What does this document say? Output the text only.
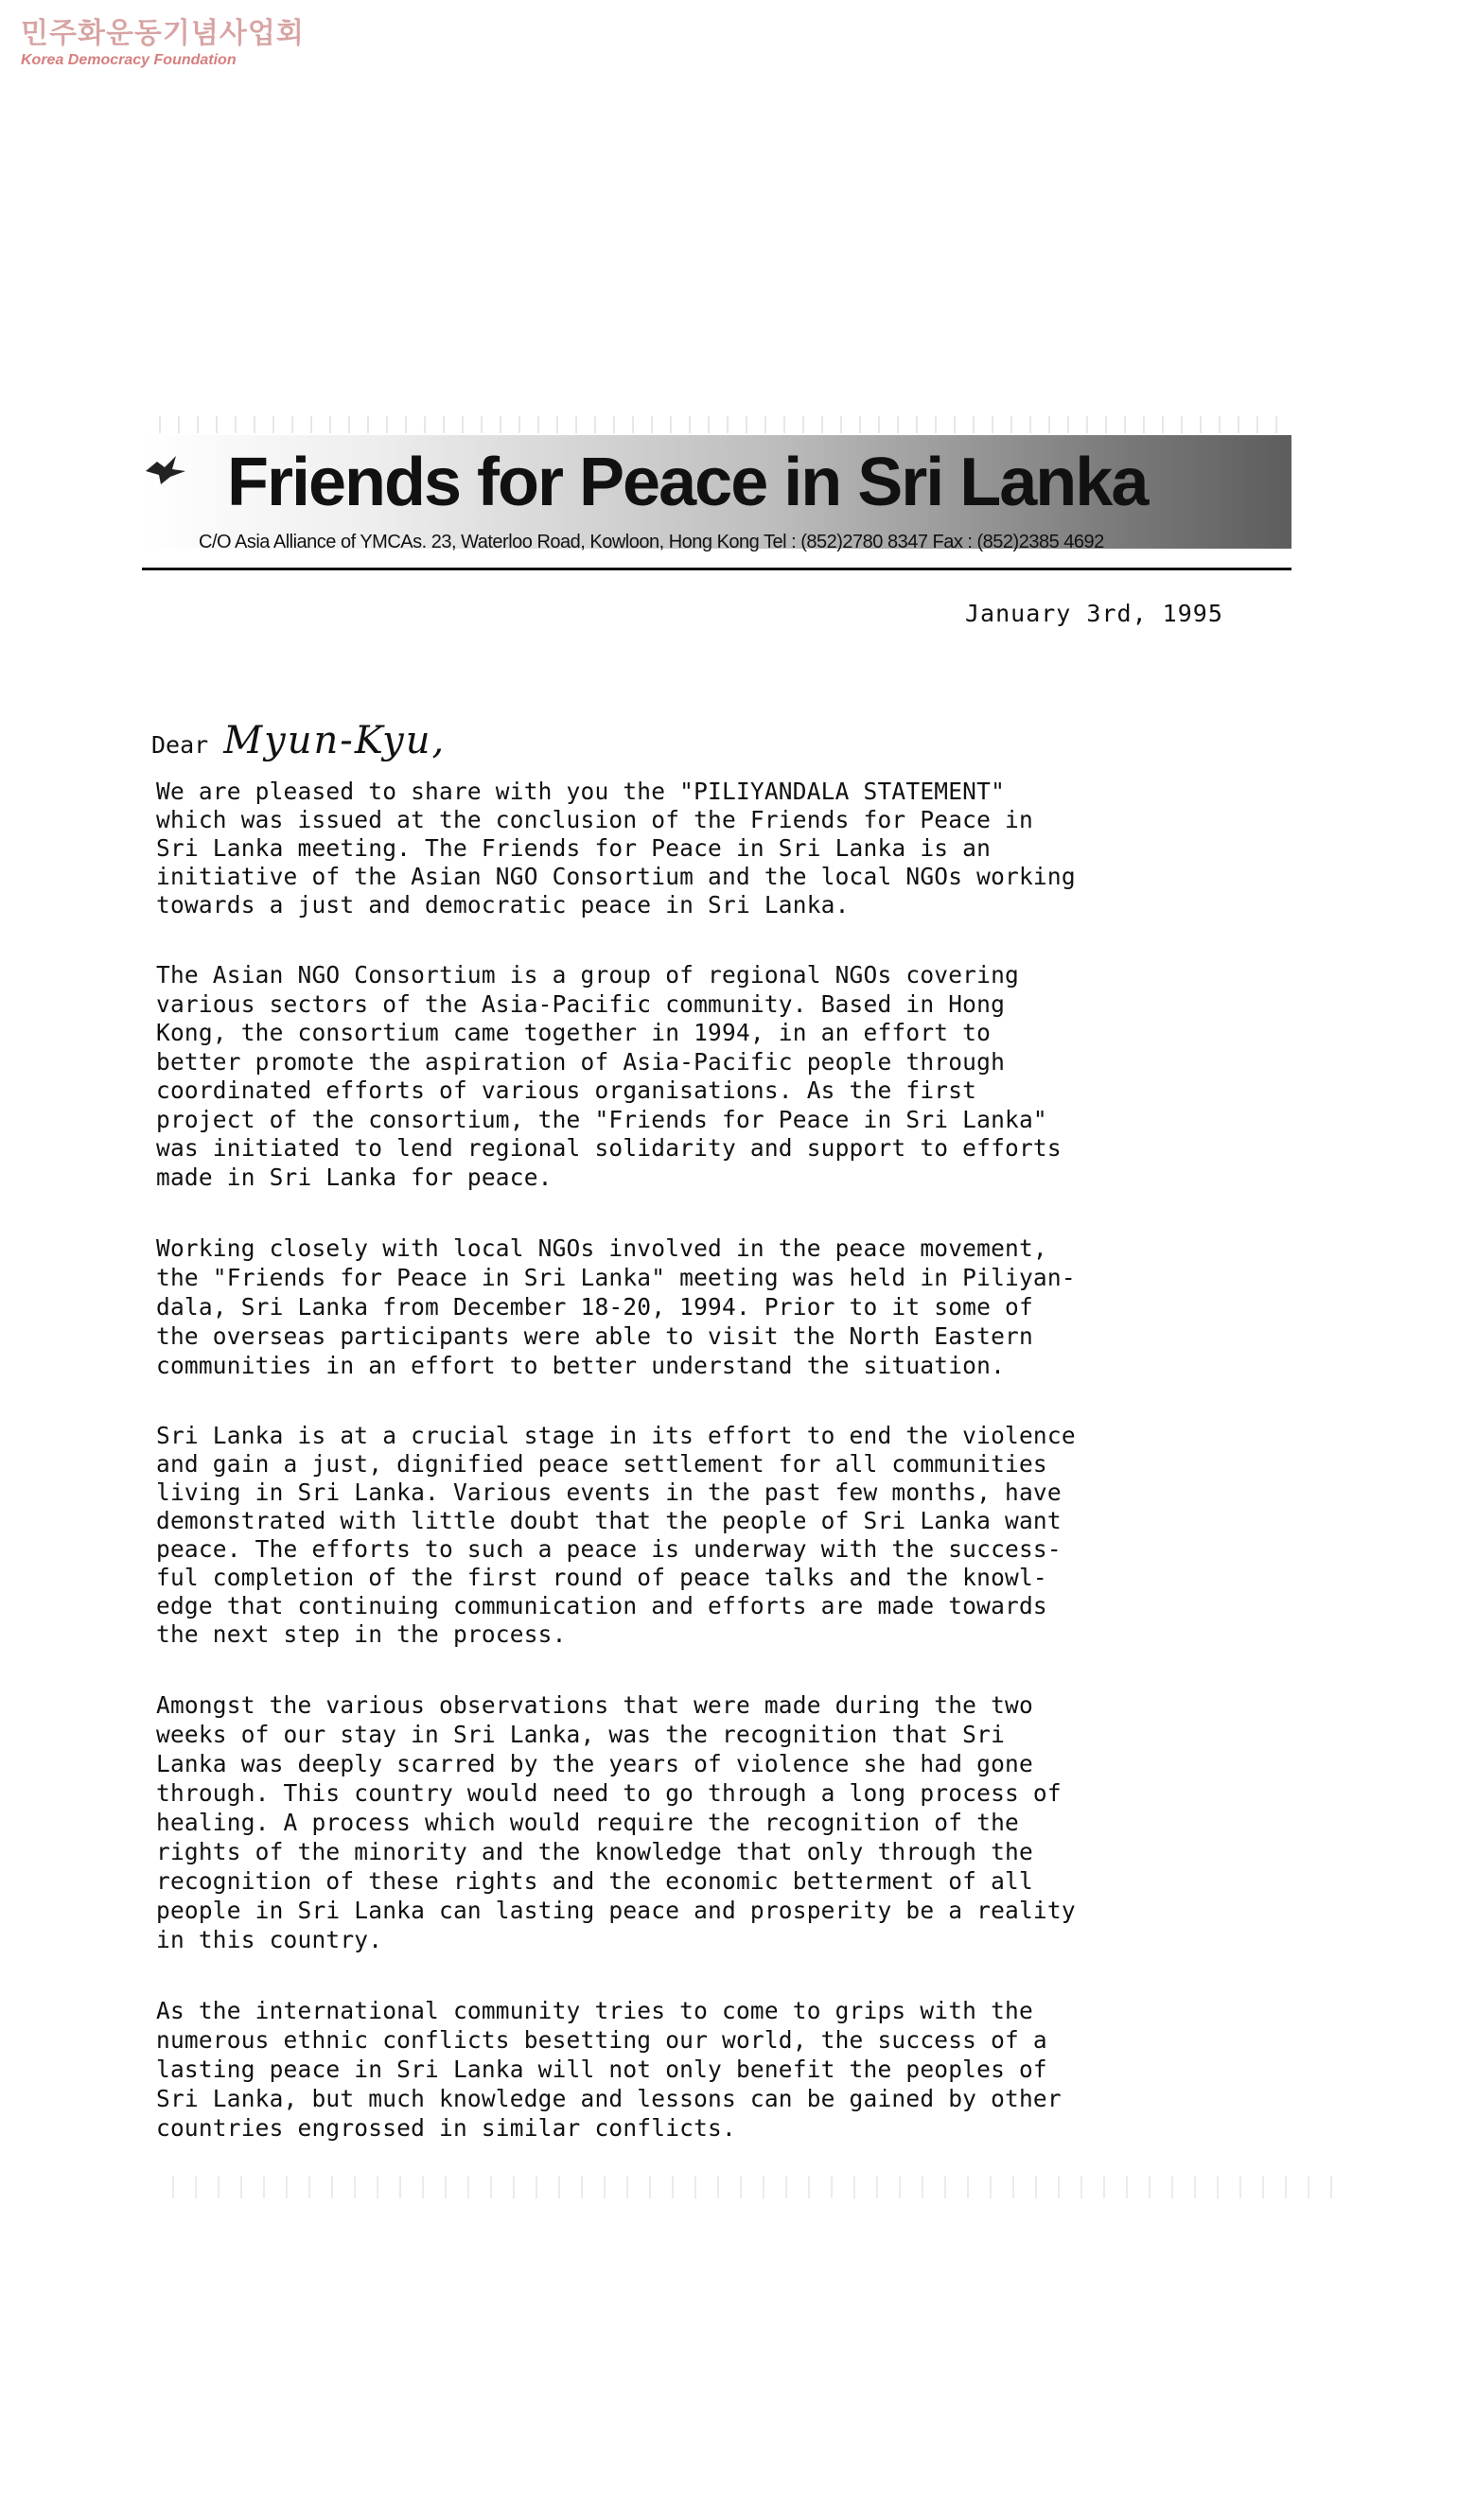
민주화운동기념사업회
Korea Democracy Foundation
Friends for Peace in Sri Lanka
C/O Asia Alliance of YMCAs. 23, Waterloo Road, Kowloon, Hong Kong Tel : (852)2780 8347 Fax : (852)2385 4692
January 3rd, 1995
Dear Myun-Kyu,
We are pleased to share with you the "PILIYANDALA STATEMENT"
which was issued at the conclusion of the Friends for Peace in
Sri Lanka meeting. The Friends for Peace in Sri Lanka is an
initiative of the Asian NGO Consortium and the local NGOs working
towards a just and democratic peace in Sri Lanka.
The Asian NGO Consortium is a group of regional NGOs covering
various sectors of the Asia-Pacific community. Based in Hong
Kong, the consortium came together in 1994, in an effort to
better promote the aspiration of Asia-Pacific people through
coordinated efforts of various organisations. As the first
project of the consortium, the "Friends for Peace in Sri Lanka"
was initiated to lend regional solidarity and support to efforts
made in Sri Lanka for peace.
Working closely with local NGOs involved in the peace movement,
the "Friends for Peace in Sri Lanka" meeting was held in Piliyan-
dala, Sri Lanka from December 18-20, 1994. Prior to it some of
the overseas participants were able to visit the North Eastern
communities in an effort to better understand the situation.
Sri Lanka is at a crucial stage in its effort to end the violence
and gain a just, dignified peace settlement for all communities
living in Sri Lanka. Various events in the past few months, have
demonstrated with little doubt that the people of Sri Lanka want
peace. The efforts to such a peace is underway with the success-
ful completion of the first round of peace talks and the knowl-
edge that continuing communication and efforts are made towards
the next step in the process.
Amongst the various observations that were made during the two
weeks of our stay in Sri Lanka, was the recognition that Sri
Lanka was deeply scarred by the years of violence she had gone
through. This country would need to go through a long process of
healing. A process which would require the recognition of the
rights of the minority and the knowledge that only through the
recognition of these rights and the economic betterment of all
people in Sri Lanka can lasting peace and prosperity be a reality
in this country.
As the international community tries to come to grips with the
numerous ethnic conflicts besetting our world, the success of a
lasting peace in Sri Lanka will not only benefit the peoples of
Sri Lanka, but much knowledge and lessons can be gained by other
countries engrossed in similar conflicts.
